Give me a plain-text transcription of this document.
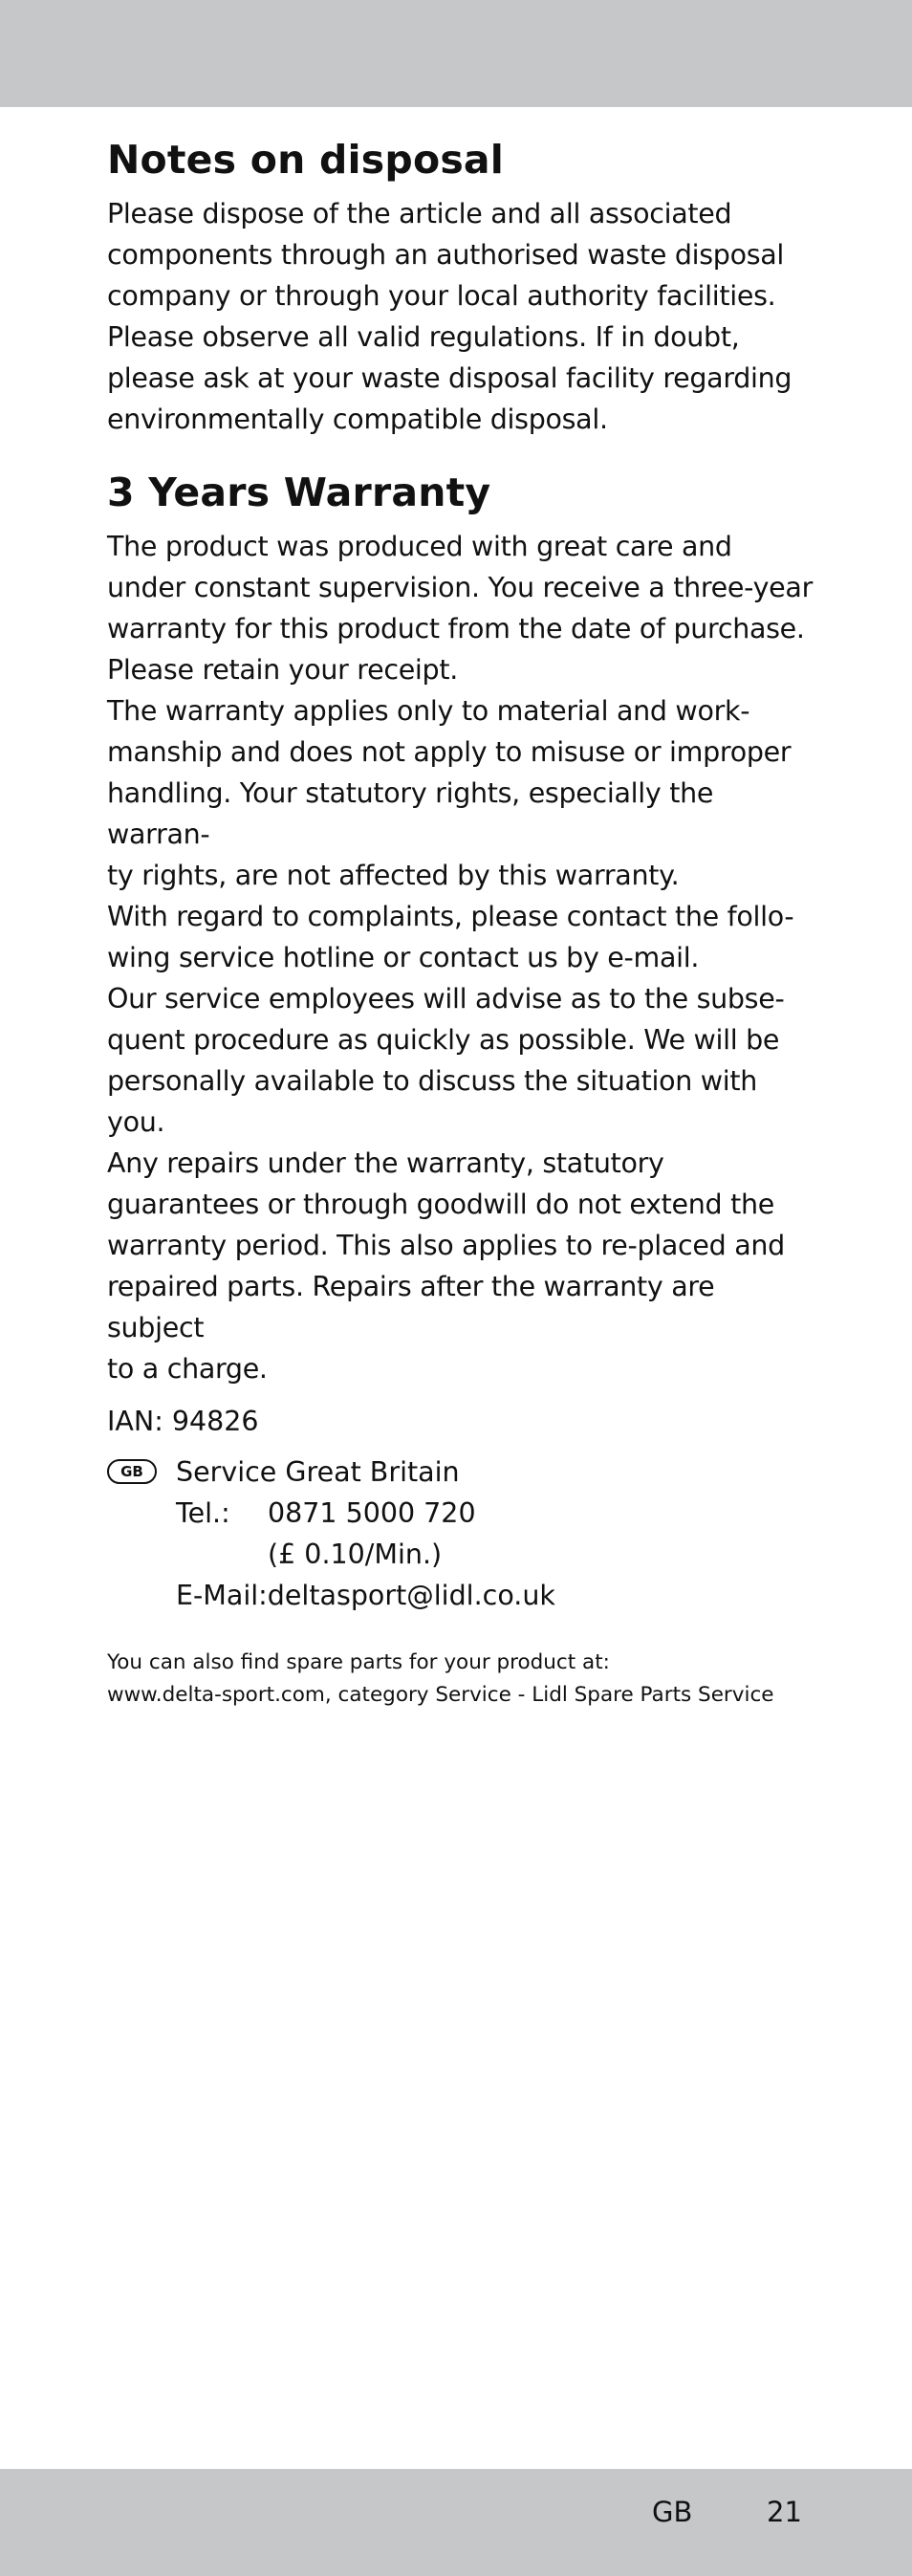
Notes on disposal

Please dispose of the article and all associated

components through an authorised waste disposal

company or through your local authority facilities.

Please observe all valid regulations. If in doubt,

please ask at your waste disposal facility regarding

environmentally compatible disposal.

3 Years Warranty

The product was produced with great care and

under constant supervision. You receive a three-year

warranty for this product from the date of purchase.

Please retain your receipt.

The warranty applies only to material and work-

manship and does not apply to misuse or improper

handling. Your statutory rights, especially the warran-

ty rights, are not affected by this warranty.

With regard to complaints, please contact the follo-

wing service hotline or contact us by e-mail.

Our service employees will advise as to the subse-

quent procedure as quickly as possible. We will be

personally available to discuss the situation with you.

Any repairs under the warranty, statutory

guarantees or through goodwill do not extend the

warranty period. This also applies to re-placed and

repaired parts. Repairs after the warranty are subject

to a charge.

IAN: 94826
GB	Service Great Britain
Tel.: 0871 5000 720
(£ 0.10/Min.)
E-Mail:deltasport@lidl.co.uk
You can also find spare parts for your product at:
www.delta-sport.com, category Service - Lidl Spare Parts Service
GB	21
